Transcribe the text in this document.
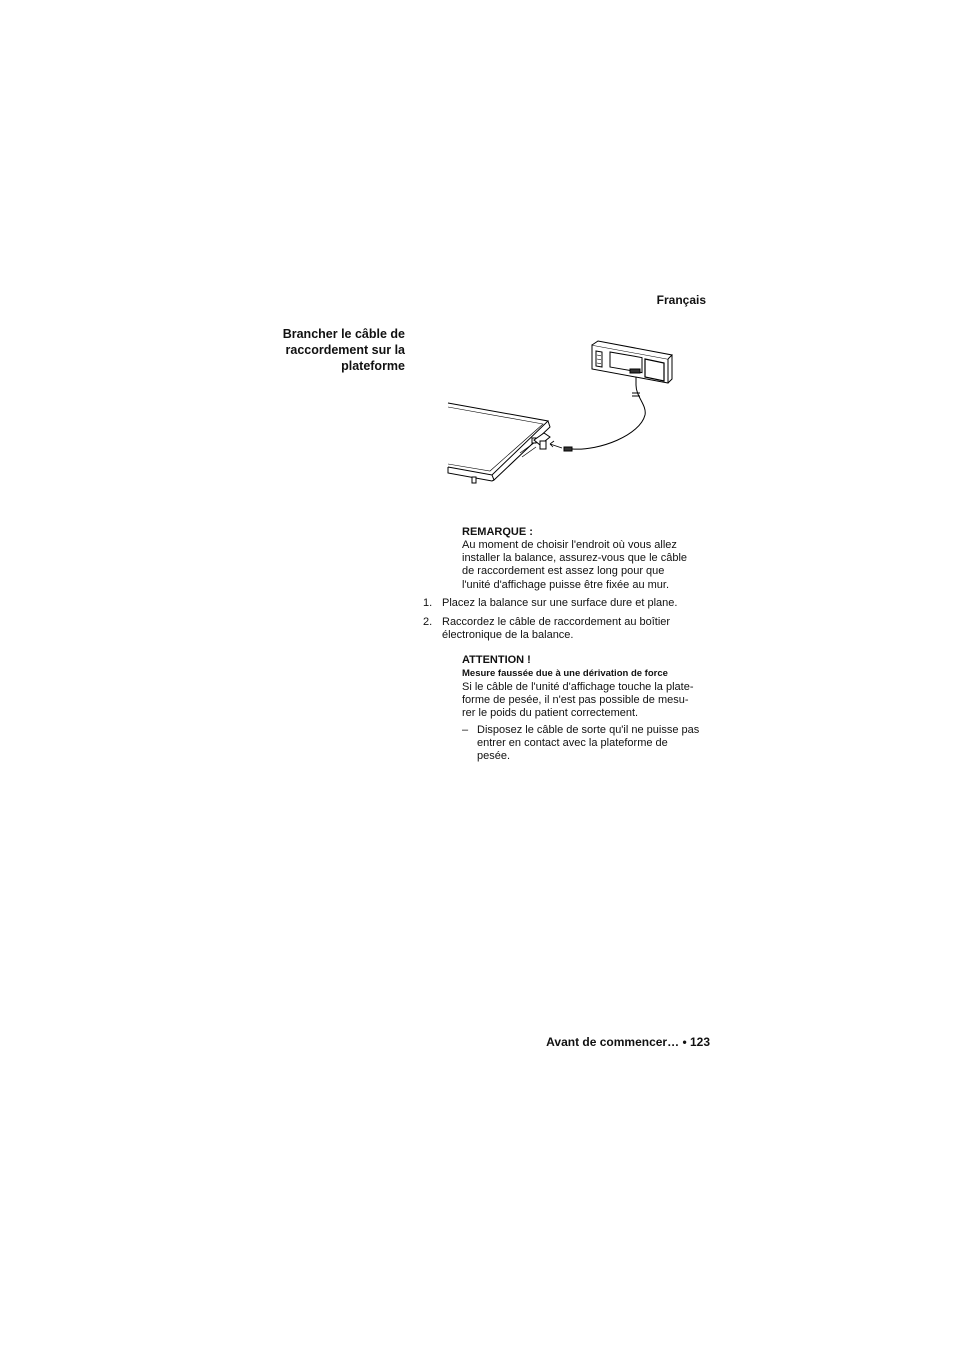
Français
Brancher le câble de
raccordement sur la
plateforme
REMARQUE :
Au moment de choisir l'endroit où vous allez
installer la balance, assurez-vous que le câble
de raccordement est assez long pour que
l'unité d'affichage puisse être fixée au mur.
1. Placez la balance sur une surface dure et plane.
2. Raccordez le câble de raccordement au boîtier
électronique de la balance.
ATTENTION !
Mesure faussée due à une dérivation de force
Si le câble de l'unité d'affichage touche la plate-
forme de pesée, il n'est pas possible de mesu-
rer le poids du patient correctement.
– Disposez le câble de sorte qu'il ne puisse pas
entrer en contact avec la plateforme de
pesée.
Avant de commencer… • 123
